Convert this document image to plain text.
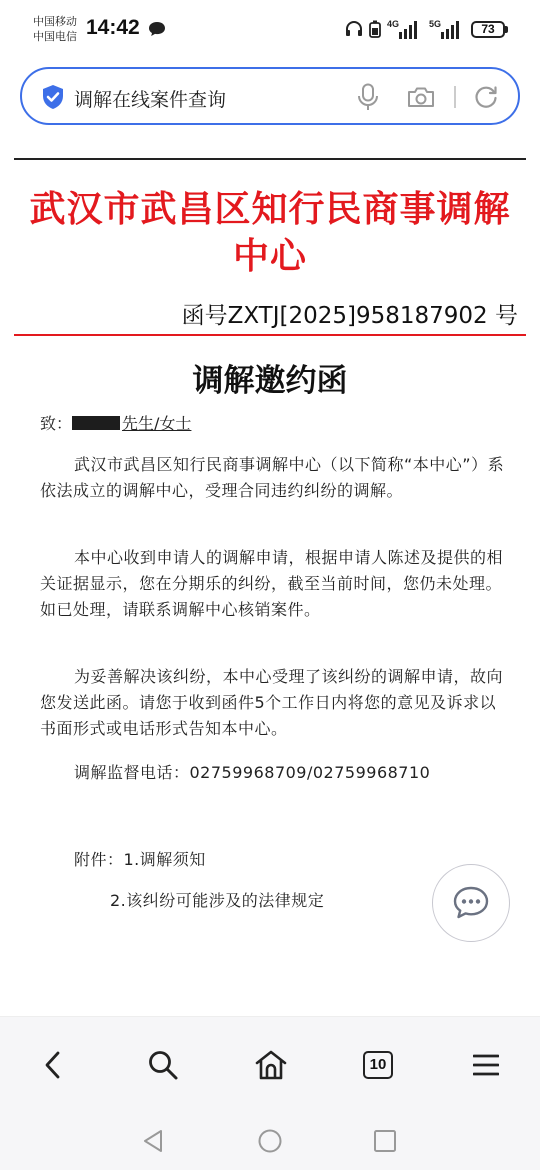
中国移动
中国电信 14:42	4G	5G	73
调解在线案件查询
武汉市武昌区知行民商事调解中心
函号ZXTJ[2025]958187902 号
调解邀约函
致：	先生/女士

武汉市武昌区知行民商事调解中心（以下简称“本中心”）系依法成立的调解中心，受理合同违约纠纷的调解。

本中心收到申请人的调解申请，根据申请人陈述及提供的相关证据显示，您在分期乐的纠纷，截至当前时间，您仍未处理。如已处理，请联系调解中心核销案件。

为妥善解决该纠纷，本中心受理了该纠纷的调解申请，故向您发送此函。请您于收到函件5个工作日内将您的意见及诉求以书面形式或电话形式告知本中心。

调解监督电话：02759968709/02759968710
附件：1.调解须知
2.该纠纷可能涉及的法律规定
10
